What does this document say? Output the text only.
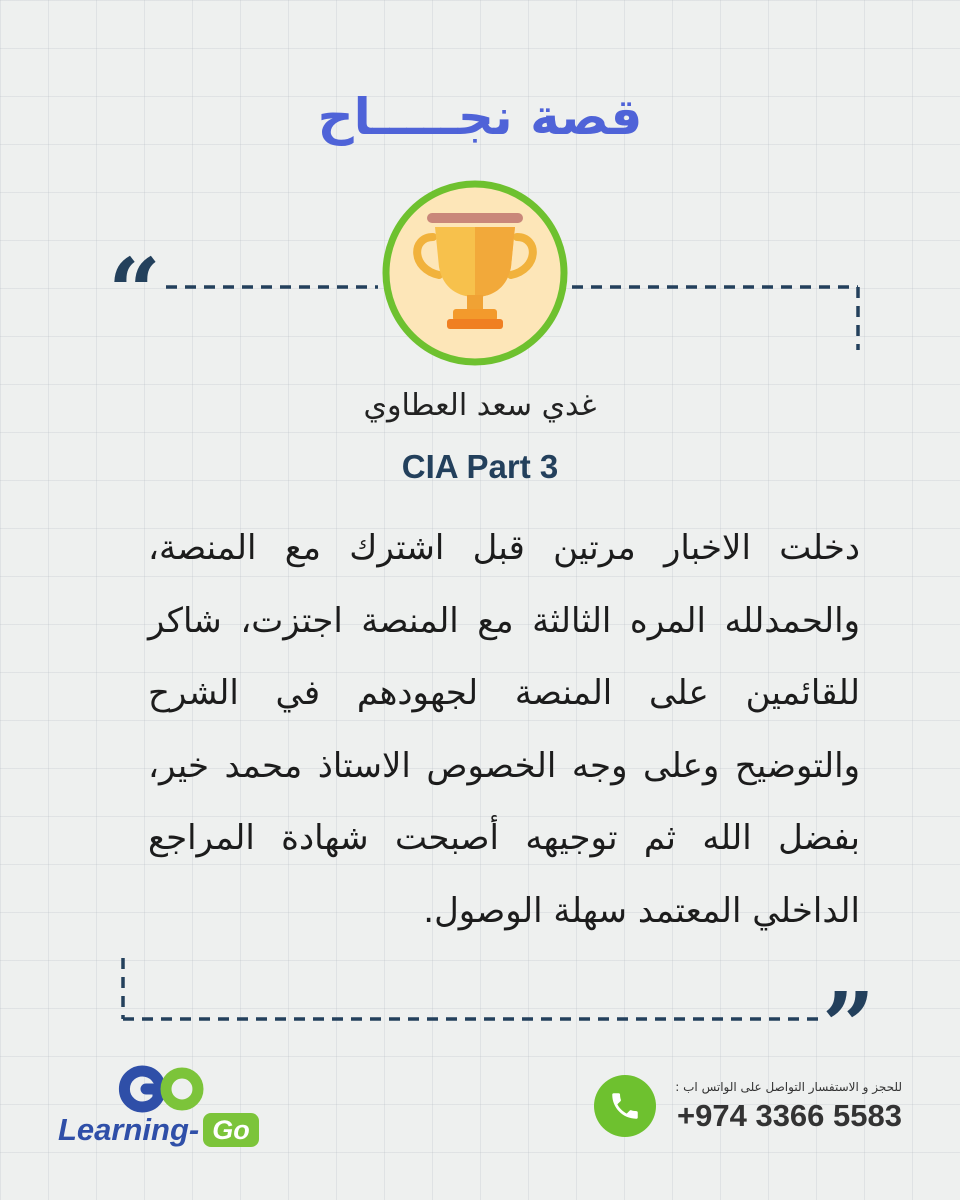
قصة نجـــــاح
“
”
غدي سعد العطاوي
CIA Part 3
دخلت الاخبار مرتين قبل اشترك مع المنصة، والحمدلله المره الثالثة مع المنصة اجتزت، شاكر للقائمين على المنصة لجهودهم في الشرح والتوضيح وعلى وجه الخصوص الاستاذ محمد خير، بفضل الله ثم توجيهه أصبحت شهادة المراجع الداخلي المعتمد سهلة الوصول.
Learning- Go
للحجز و الاستفسار التواصل على الواتس اب :
+974 3366 5583
